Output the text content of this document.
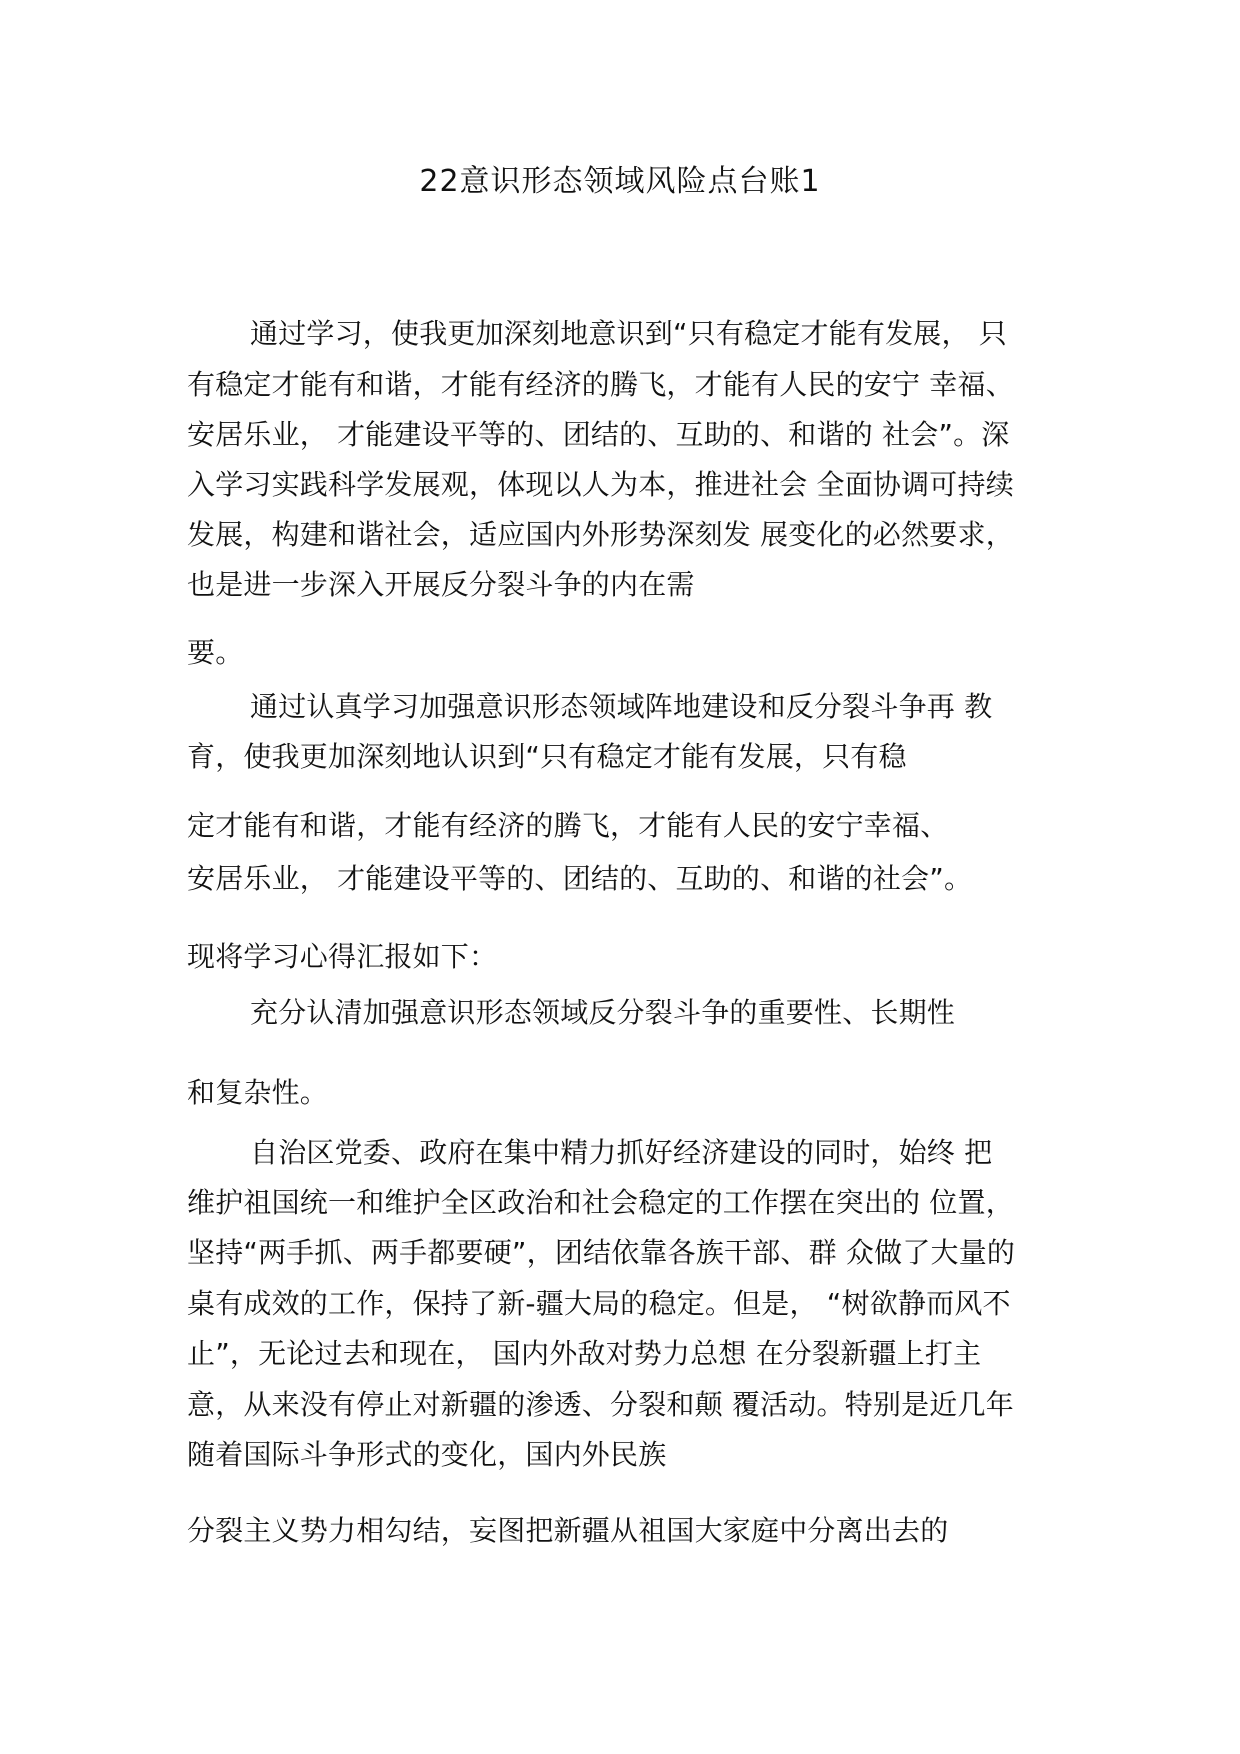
22意识形态领域风险点台账1
通过学习，使我更加深刻地意识到“只有稳定才能有发展， 只
有稳定才能有和谐，才能有经济的腾飞，才能有人民的安宁 幸福、
安居乐业， 才能建设平等的、团结的、互助的、和谐的 社会”。深
入学习实践科学发展观，体现以人为本，推进社会 全面协调可持续
发展，构建和谐社会，适应国内外形势深刻发 展变化的必然要求，
也是进一步深入开展反分裂斗争的内在需
要。
通过认真学习加强意识形态领域阵地建设和反分裂斗争再 教
育，使我更加深刻地认识到“只有稳定才能有发展，只有稳
定才能有和谐，才能有经济的腾飞，才能有人民的安宁幸福、
安居乐业， 才能建设平等的、团结的、互助的、和谐的社会”。
现将学习心得汇报如下：
充分认清加强意识形态领域反分裂斗争的重要性、长期性
和复杂性。
自治区党委、政府在集中精力抓好经济建设的同时，始终 把
维护祖国统一和维护全区政治和社会稳定的工作摆在突出的 位置，
坚持“两手抓、两手都要硬”，团结依靠各族干部、群 众做了大量的
桌有成效的工作，保持了新-疆大局的稳定。但是， “树欲静而风不
止”，无论过去和现在， 国内外敌对势力总想 在分裂新疆上打主
意，从来没有停止对新疆的渗透、分裂和颠 覆活动。特别是近几年
随着国际斗争形式的变化，国内外民族
分裂主义势力相勾结，妄图把新疆从祖国大家庭中分离出去的
